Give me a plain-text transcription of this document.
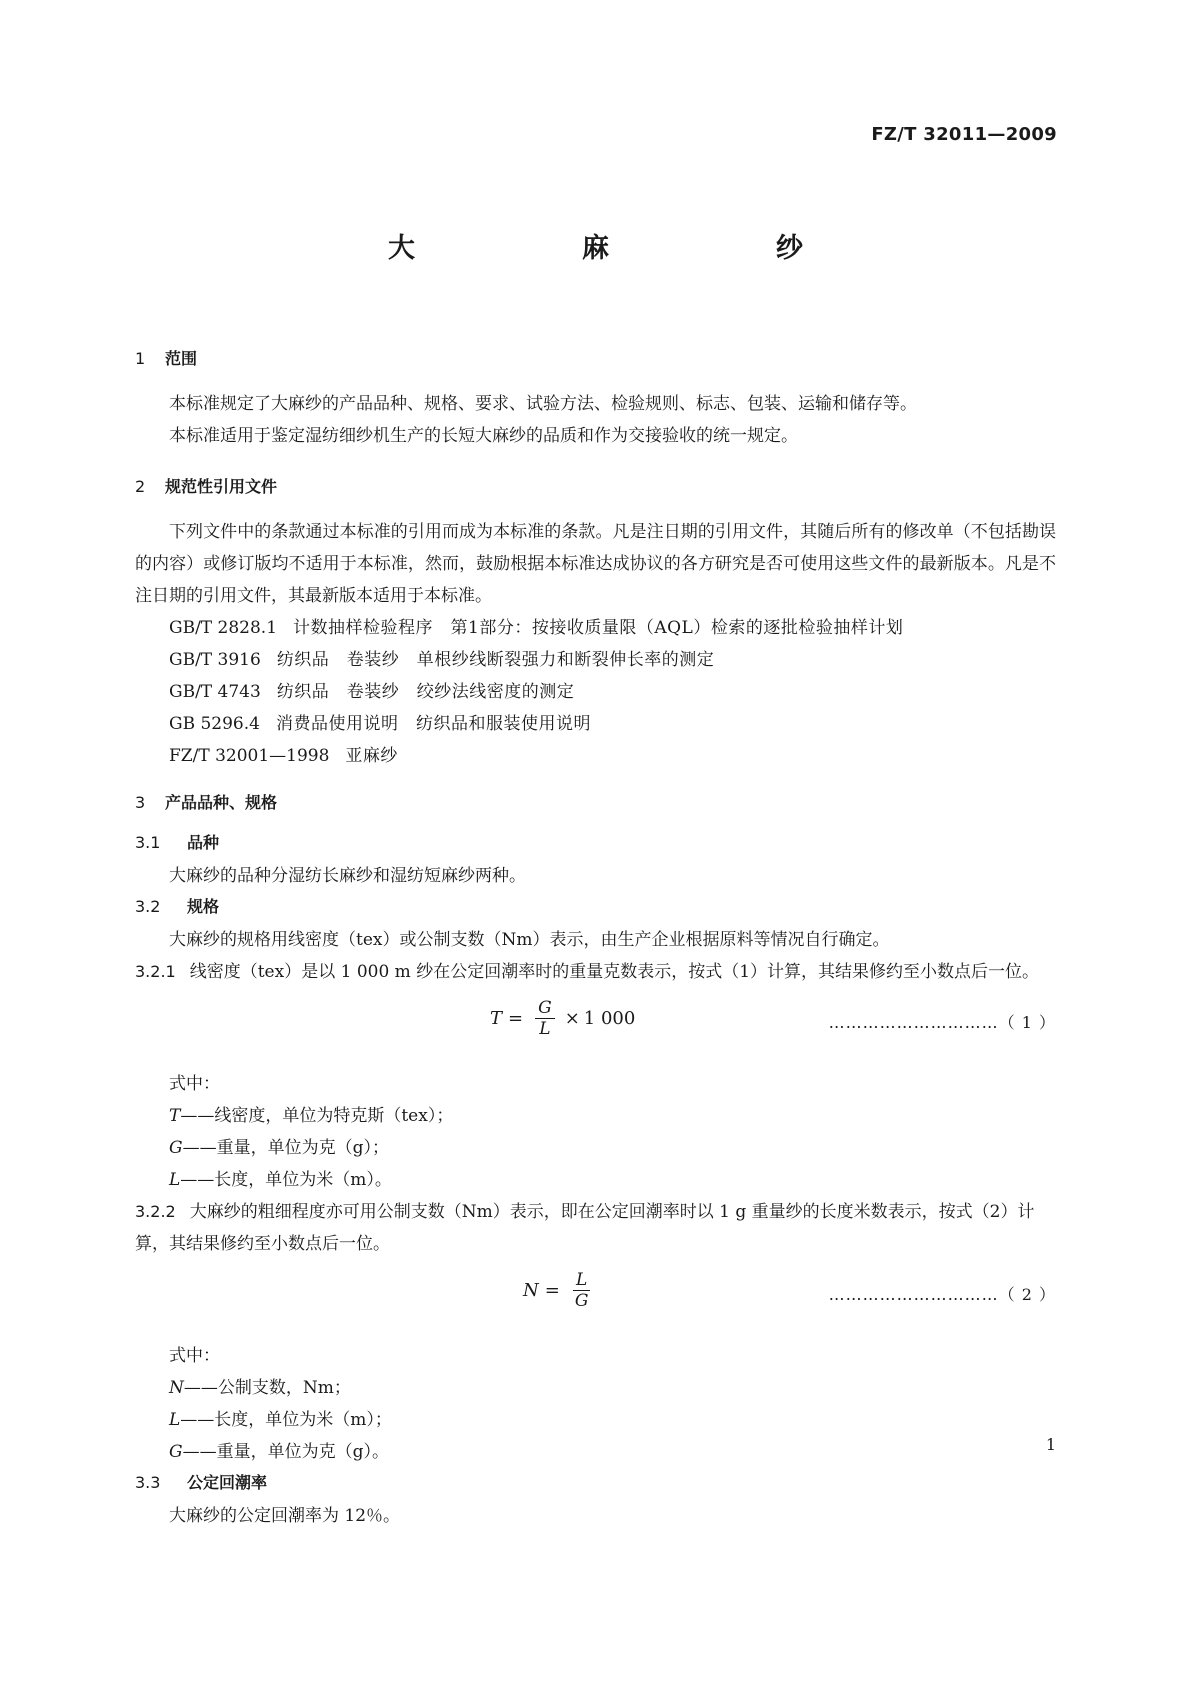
FZ/T 32011—2009
大　麻　纱
1 范围

本标准规定了大麻纱的产品品种、规格、要求、试验方法、检验规则、标志、包装、运输和储存等。

本标准适用于鉴定湿纺细纱机生产的长短大麻纱的品质和作为交接验收的统一规定。

2 规范性引用文件

下列文件中的条款通过本标准的引用而成为本标准的条款。凡是注日期的引用文件，其随后所有的修改单（不包括勘误的内容）或修订版均不适用于本标准，然而，鼓励根据本标准达成协议的各方研究是否可使用这些文件的最新版本。凡是不注日期的引用文件，其最新版本适用于本标准。

GB/T 2828.1 计数抽样检验程序　第1部分：按接收质量限（AQL）检索的逐批检验抽样计划

GB/T 3916 纺织品　卷装纱　单根纱线断裂强力和断裂伸长率的测定

GB/T 4743 纺织品　卷装纱　绞纱法线密度的测定

GB 5296.4 消费品使用说明　纺织品和服装使用说明

FZ/T 32001—1998 亚麻纱

3 产品品种、规格
3.1 品种

大麻纱的品种分湿纺长麻纱和湿纺短麻纱两种。

3.2 规格

大麻纱的规格用线密度（tex）或公制支数（Nm）表示，由生产企业根据原料等情况自行确定。

3.2.1 线密度（tex）是以 1 000 m 纱在公定回潮率时的重量克数表示，按式（1）计算，其结果修约至小数点后一位。

$T = \frac{G}{L} \times 1$ 000	…………………………（ 1 ）

式中：

T——线密度，单位为特克斯（tex）；

G——重量，单位为克（g）；

L——长度，单位为米（m）。

3.2.2 大麻纱的粗细程度亦可用公制支数（Nm）表示，即在公定回潮率时以 1 g 重量纱的长度米数表示，按式（2）计算，其结果修约至小数点后一位。

$N = \frac{L}{G}$	…………………………（ 2 ）

式中：

N——公制支数，Nm；

L——长度，单位为米（m）；

G——重量，单位为克（g）。

3.3 公定回潮率

大麻纱的公定回潮率为 12％。

1
